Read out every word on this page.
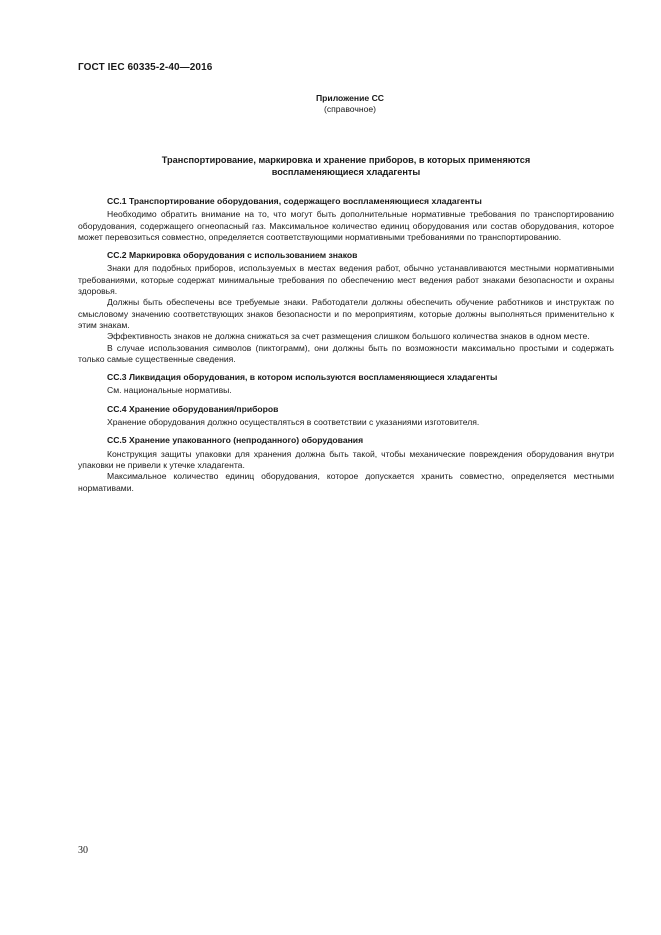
ГОСТ IEC 60335-2-40—2016
Приложение СС
(справочное)
Транспортирование, маркировка и хранение приборов, в которых применяются
воспламеняющиеся хладагенты

СС.1 Транспортирование оборудования, содержащего воспламеняющиеся хладагенты

Необходимо обратить внимание на то, что могут быть дополнительные нормативные требования по транспортированию оборудования, содержащего огнеопасный газ. Максимальное количество единиц оборудования или состав оборудования, которое может перевозиться совместно, определяется соответствующими нормативными требованиями по транспортированию.

СС.2 Маркировка оборудования с использованием знаков

Знаки для подобных приборов, используемых в местах ведения работ, обычно устанавливаются местными нормативными требованиями, которые содержат минимальные требования по обеспечению мест ведения работ знаками безопасности и охраны здоровья.

Должны быть обеспечены все требуемые знаки. Работодатели должны обеспечить обучение работников и инструктаж по смысловому значению соответствующих знаков безопасности и по мероприятиям, которые должны выполняться применительно к этим знакам.

Эффективность знаков не должна снижаться за счет размещения слишком большого количества знаков в одном месте.

В случае использования символов (пиктограмм), они должны быть по возможности максимально простыми и содержать только самые существенные сведения.

СС.3 Ликвидация оборудования, в котором используются воспламеняющиеся хладагенты

См. национальные нормативы.

СС.4 Хранение оборудования/приборов

Хранение оборудования должно осуществляться в соответствии с указаниями изготовителя.

СС.5 Хранение упакованного (непроданного) оборудования

Конструкция защиты упаковки для хранения должна быть такой, чтобы механические повреждения оборудования внутри упаковки не привели к утечке хладагента.

Максимальное количество единиц оборудования, которое допускается хранить совместно, определяется местными нормативами.

30
